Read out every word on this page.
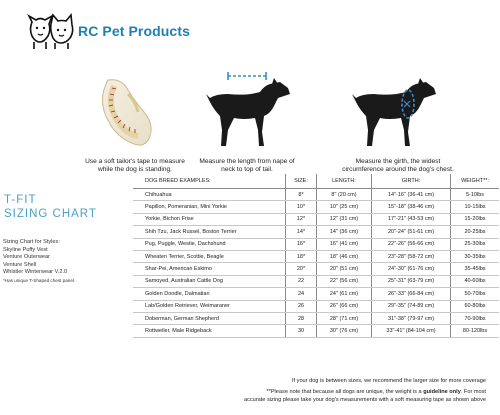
RC Pet Products
Use a soft tailor's tape to measure while the dog is standing.
Measure the length from nape of neck to top of tail.
Measure the girth, the widest circumference around the dog's chest.
T-FIT
SIZING CHART
Sizing Chart for Styles:
Skyline Puffy Vest
Venture Outerwear
Venture Shell
Whistler Winterwear V.2.0
*Has unique T-Shaped chest panel.
DOG BREED EXAMPLES:	SIZE:	LENGTH:	GIRTH:	WEIGHT**:
Chihuahua	8*	8" (20 cm)	14"-16" (36-41 cm)	5-10lbs
Papillon, Pomeranian, Mini Yorkie	10*	10" (25 cm)	15"-18" (38-46 cm)	10-15lbs
Yorkie, Bichon Frise	12*	12" (31 cm)	17"-21" (43-53 cm)	15-20lbs
Shih Tzu, Jack Russel, Boston Terrier	14*	14" (36 cm)	20"-24" (51-61 cm)	20-25lbs
Pug, Puggle, Westie, Dachshund	16*	16" (41 cm)	22"-26" (56-66 cm)	25-30lbs
Wheaten Terrier, Scottie, Beagle	18*	18" (46 cm)	23"-28" (58-72 cm)	30-35lbs
Shar-Pei, American Eskimo	20*	20" (51 cm)	24"-30" (61-76 cm)	35-45lbs
Samoyed, Australian Cattle Dog	22	22" (56 cm)	25"-31" (63-79 cm)	40-60lbs
Golden Doodle, Dalmatian	24	24" (61 cm)	26"-33" (66-84 cm)	50-70lbs
Lab/Golden Retriever, Weimaraner	26	26" (66 cm)	29"-35" (74-89 cm)	60-80lbs
Doberman, German Shepherd	28	28" (71 cm)	31"-38" (79-97 cm)	70-90lbs
Rottweiler, Male Ridgeback	30	30" (76 cm)	33"-41" (84-104 cm)	80-120lbs
If your dog is between sizes, we recommend the larger size for more coverage
**Please note that because all dogs are unique, the weight is a guideline only. For most
accurate sizing please take your dog's measurements with a soft measuring tape as shown above
